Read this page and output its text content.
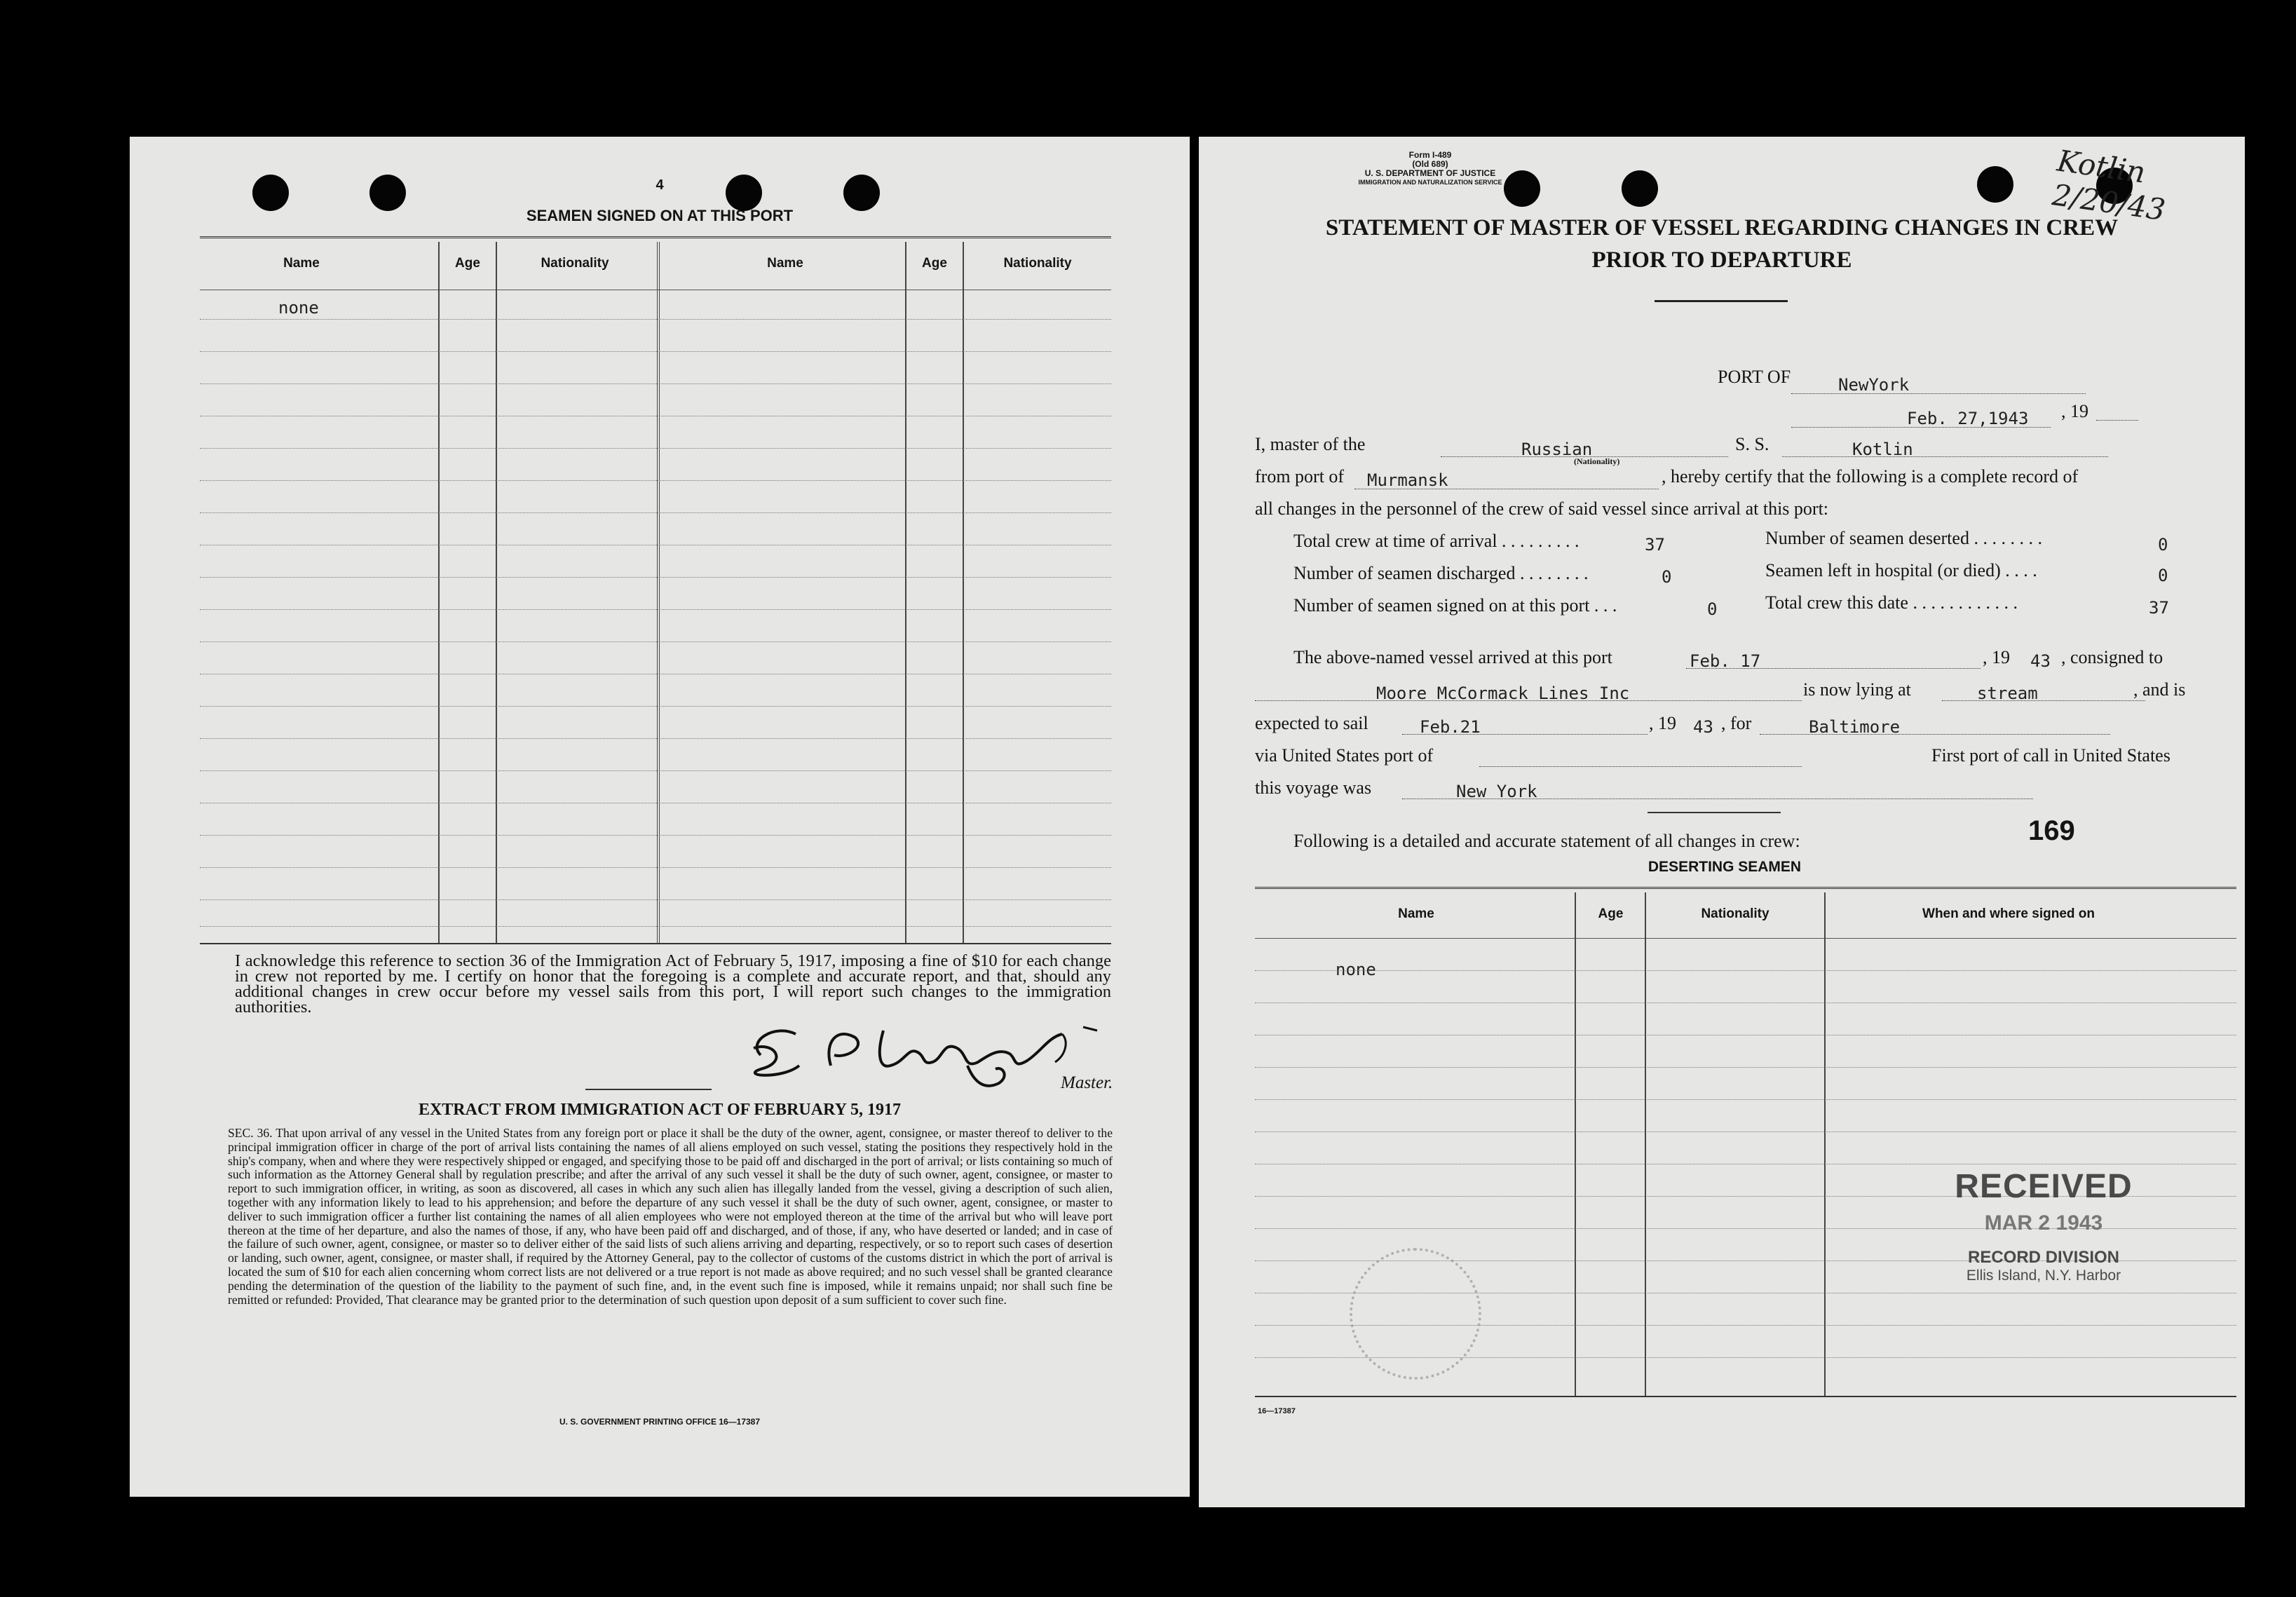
4
SEAMEN SIGNED ON AT THIS PORT
Name	Age	Nationality	Name	Age	Nationality
none
I acknowledge this reference to section 36 of the Immigration Act of February 5, 1917, imposing a fine of $10 for each change in crew not reported by me. I certify on honor that the foregoing is a complete and accurate report, and that, should any additional changes in crew occur before my vessel sails from this port, I will report such changes to the immigration authorities.
Master.
EXTRACT FROM IMMIGRATION ACT OF FEBRUARY 5, 1917
SEC. 36. That upon arrival of any vessel in the United States from any foreign port or place it shall be the duty of the owner, agent, consignee, or master thereof to deliver to the principal immigration officer in charge of the port of arrival lists containing the names of all aliens employed on such vessel, stating the positions they respectively hold in the ship's company, when and where they were respectively shipped or engaged, and specifying those to be paid off and discharged in the port of arrival; or lists containing so much of such information as the Attorney General shall by regulation prescribe; and after the arrival of any such vessel it shall be the duty of such owner, agent, consignee, or master to report to such immigration officer, in writing, as soon as discovered, all cases in which any such alien has illegally landed from the vessel, giving a description of such alien, together with any information likely to lead to his apprehension; and before the departure of any such vessel it shall be the duty of such owner, agent, consignee, or master to deliver to such immigration officer a further list containing the names of all alien employees who were not employed thereon at the time of the arrival but who will leave port thereon at the time of her departure, and also the names of those, if any, who have been paid off and discharged, and of those, if any, who have deserted or landed; and in case of the failure of such owner, agent, consignee, or master so to deliver either of the said lists of such aliens arriving and departing, respectively, or so to report such cases of desertion or landing, such owner, agent, consignee, or master shall, if required by the Attorney General, pay to the collector of customs of the customs district in which the port of arrival is located the sum of $10 for each alien concerning whom correct lists are not delivered or a true report is not made as above required; and no such vessel shall be granted clearance pending the determination of the question of the liability to the payment of such fine, and, in the event such fine is imposed, while it remains unpaid; nor shall such fine be remitted or refunded: Provided, That clearance may be granted prior to the determination of such question upon deposit of a sum sufficient to cover such fine.
U. S. GOVERNMENT PRINTING OFFICE 16—17387
Form I-489
(Old 689)
U. S. DEPARTMENT OF JUSTICE
IMMIGRATION AND NATURALIZATION SERVICE	Kotlin 2/20/43
STATEMENT OF MASTER OF VESSEL REGARDING CHANGES IN CREW
PRIOR TO DEPARTURE
PORT OF	NewYork
Feb. 27,1943 , 19
I, master of the	Russian
(Nationality)
S. S.	Kotlin
from port of Murmansk	, hereby certify that the following is a complete record of
all changes in the personnel of the crew of said vessel since arrival at this port:
Total crew at time of arrival . . . . . . . . .	37	Number of seamen deserted . . . . . . . .	0
Number of seamen discharged . . . . . . . .	0	Seamen left in hospital (or died) . . . .	0
Number of seamen signed on at this port . . .	0	Total crew this date . . . . . . . . . . . .	37
The above-named vessel arrived at this port	Feb. 17	, 19 43 , consigned to
Moore McCormack Lines Inc	is now lying at	stream	, and is
expected to sail	Feb.21	, 19 43 , for	Baltimore
via United States port of	First port of call in United States
this voyage was	New York
Following is a detailed and accurate statement of all changes in crew:	169
DESERTING SEAMEN
Name	Age	Nationality	When and where signed on
none
RECEIVED
MAR 2 1943
RECORD DIVISION
Ellis Island, N.Y. Harbor
16—17387
